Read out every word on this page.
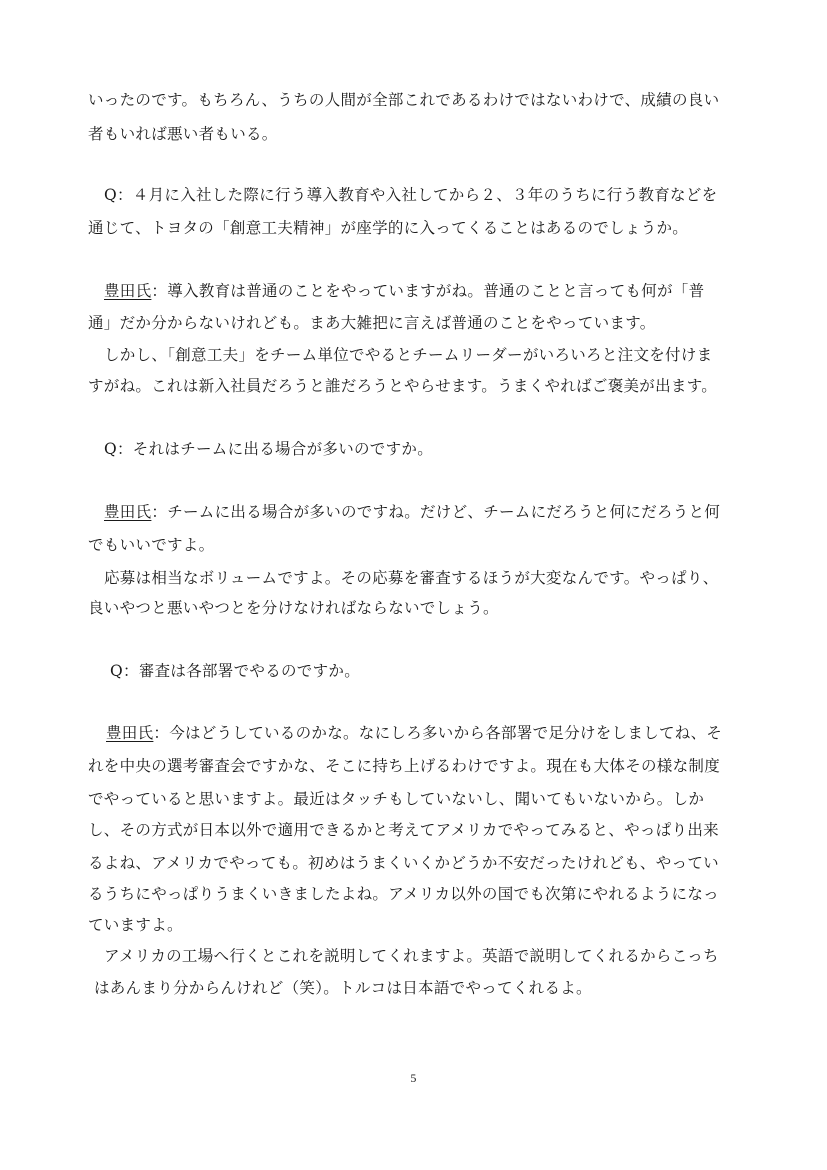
いったのです。もちろん、うちの人間が全部これであるわけではないわけで、成績の良い
者もいれば悪い者もいる。
Q：４月に入社した際に行う導入教育や入社してから２、３年のうちに行う教育などを
通じて、トヨタの「創意工夫精神」が座学的に入ってくることはあるのでしょうか。
豊田氏：導入教育は普通のことをやっていますがね。普通のことと言っても何が「普
通」だか分からないけれども。まあ大雑把に言えば普通のことをやっています。
しかし、「創意工夫」をチーム単位でやるとチームリーダーがいろいろと注文を付けま
すがね。これは新入社員だろうと誰だろうとやらせます。うまくやればご褒美が出ます。
Q：それはチームに出る場合が多いのですか。
豊田氏：チームに出る場合が多いのですね。だけど、チームにだろうと何にだろうと何
でもいいですよ。
応募は相当なボリュームですよ。その応募を審査するほうが大変なんです。やっぱり、
良いやつと悪いやつとを分けなければならないでしょう。
Q：審査は各部署でやるのですか。
豊田氏：今はどうしているのかな。なにしろ多いから各部署で足分けをしましてね、そ
れを中央の選考審査会ですかな、そこに持ち上げるわけですよ。現在も大体その様な制度
でやっていると思いますよ。最近はタッチもしていないし、聞いてもいないから。しか
し、その方式が日本以外で適用できるかと考えてアメリカでやってみると、やっぱり出来
るよね、アメリカでやっても。初めはうまくいくかどうか不安だったけれども、やってい
るうちにやっぱりうまくいきましたよね。アメリカ以外の国でも次第にやれるようになっ
ていますよ。
アメリカの工場へ行くとこれを説明してくれますよ。英語で説明してくれるからこっち
はあんまり分からんけれど（笑）。トルコは日本語でやってくれるよ。
5
